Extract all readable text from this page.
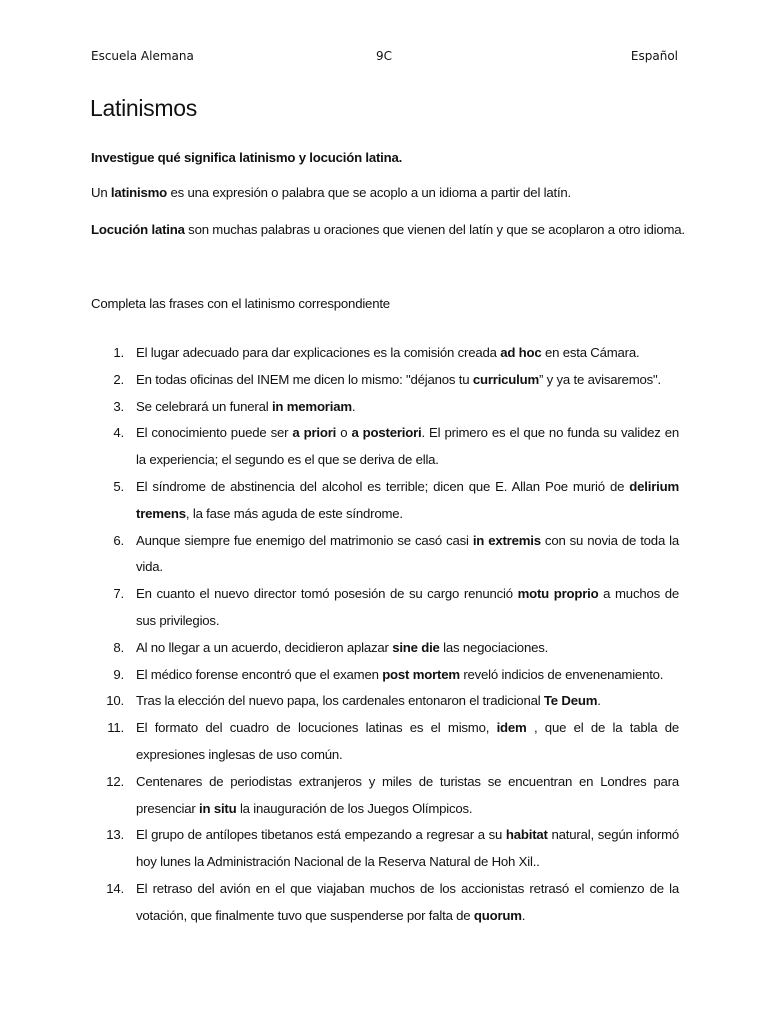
Escuela Alemana	9C	Español
Latinismos

Investigue qué significa latinismo y locución latina.

Un latinismo es una expresión o palabra que se acoplo a un idioma a partir del latín.

Locución latina son muchas palabras u oraciones que vienen del latín y que se acoplaron a otro idioma.

Completa las frases con el latinismo correspondiente

1. El lugar adecuado para dar explicaciones es la comisión creada ad hoc en esta Cámara.
2. En todas oficinas del INEM me dicen lo mismo: "déjanos tu curriculum” y ya te avisaremos".
3. Se celebrará un funeral in memoriam.
4. El conocimiento puede ser a priori o a posteriori. El primero es el que no funda su validez en la experiencia; el segundo es el que se deriva de ella.
5. El síndrome de abstinencia del alcohol es terrible; dicen que E. Allan Poe murió de delirium tremens, la fase más aguda de este síndrome.
6. Aunque siempre fue enemigo del matrimonio se casó casi in extremis con su novia de toda la vida.
7. En cuanto el nuevo director tomó posesión de su cargo renunció motu proprio a muchos de sus privilegios.
8. Al no llegar a un acuerdo, decidieron aplazar sine die las negociaciones.
9. El médico forense encontró que el examen post mortem reveló indicios de envenenamiento.
10. Tras la elección del nuevo papa, los cardenales entonaron el tradicional Te Deum.
11. El formato del cuadro de locuciones latinas es el mismo, idem , que el de la tabla de expresiones inglesas de uso común.
12. Centenares de periodistas extranjeros y miles de turistas se encuentran en Londres para presenciar in situ la inauguración de los Juegos Olímpicos.
13. El grupo de antílopes tibetanos está empezando a regresar a su habitat natural, según informó hoy lunes la Administración Nacional de la Reserva Natural de Hoh Xil..
14. El retraso del avión en el que viajaban muchos de los accionistas retrasó el comienzo de la votación, que finalmente tuvo que suspenderse por falta de quorum.
